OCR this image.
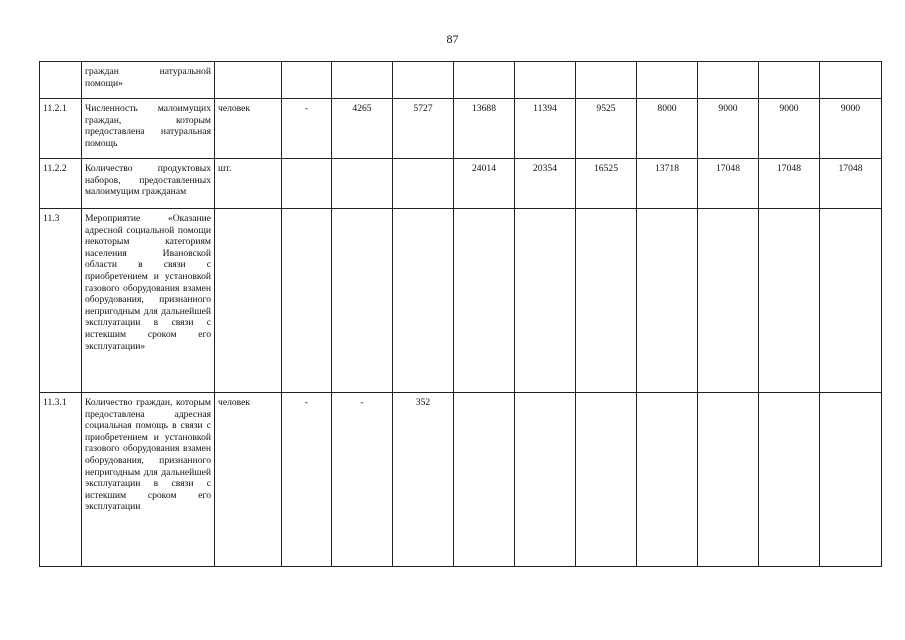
87
	граждан натуральной помощи»											
11.2.1	Численность малоимущих граждан, которым предоставлена натуральная помощь	человек	-	4265	5727	13688	11394	9525	8000	9000	9000	9000
11.2.2	Количество продуктовых наборов, предоставленных малоимущим гражданам	шт.				24014	20354	16525	13718	17048	17048	17048
11.3	Мероприятие «Оказание адресной социальной помощи некоторым категориям населения Ивановской области в связи с приобретением и установкой газового оборудования взамен оборудования, признанного непригодным для дальнейшей эксплуатации в связи с истекшим сроком его эксплуатации»											
11.3.1	Количество граждан, которым предоставлена адресная социальная помощь в связи с приобретением и установкой газового оборудования взамен оборудования, признанного непригодным для дальнейшей эксплуатации в связи с истекшим сроком его эксплуатации	человек	-	-	352							
